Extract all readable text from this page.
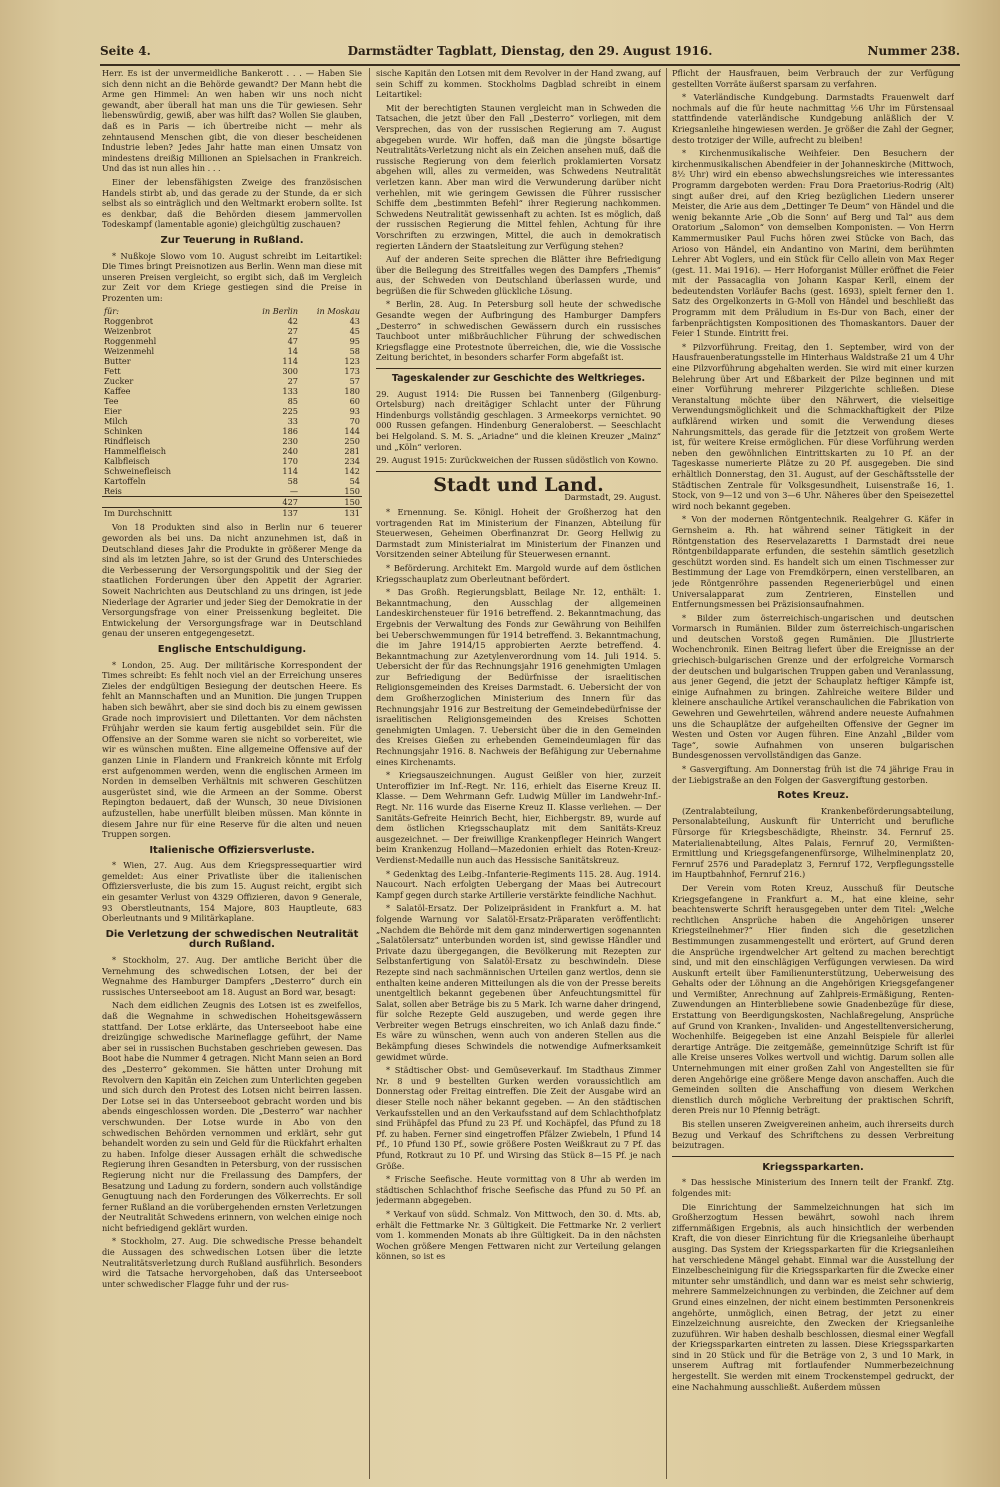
Seite 4.	Darmstädter Tagblatt, Dienstag, den 29. August 1916.	Nummer 238.

Herr. Es ist der unvermeidliche Bankerott . . . — Haben Sie sich denn nicht an die Behörde gewandt? Der Mann hebt die Arme gen Himmel: An wen haben wir uns noch nicht gewandt, aber überall hat man uns die Tür gewiesen. Sehr liebenswürdig, gewiß, aber was hilft das? Wollen Sie glauben, daß es in Paris — ich übertreibe nicht — mehr als zehntausend Menschen gibt, die von dieser bescheidenen Industrie leben? Jedes Jahr hatte man einen Umsatz von mindestens dreißig Millionen an Spielsachen in Frankreich. Und das ist nun alles hin . . .

Einer der lebensfähigsten Zweige des französischen Handels stirbt ab, und das gerade zu der Stunde, da er sich selbst als so einträglich und den Weltmarkt erobern sollte. Ist es denkbar, daß die Behörden diesem jammervollen Todeskampf (lamentable agonie) gleichgültig zuschauen?

Zur Teuerung in Rußland.

* Nußkoje Slowo vom 10. August schreibt im Leitartikel: Die Times bringt Preisnotizen aus Berlin. Wenn man diese mit unseren Preisen vergleicht, so ergibt sich, daß im Vergleich zur Zeit vor dem Kriege gestiegen sind die Preise in Prozenten um:

für:	in Berlin	in Moskau
Roggenbrot	42	43
Weizenbrot	27	45
Roggenmehl	47	95
Weizenmehl	14	58
Butter	114	123
Fett	300	173
Zucker	27	57
Kaffee	133	180
Tee	85	60
Eier	225	93
Milch	33	70
Schinken	186	144
Rindfleisch	230	250
Hammelfleisch	240	281
Kalbfleisch	170	234
Schweinefleisch	114	142
Kartoffeln	58	54
Reis	—	150
	427	150
Im Durchschnitt	137	131

Von 18 Produkten sind also in Berlin nur 6 teuerer geworden als bei uns. Da nicht anzunehmen ist, daß in Deutschland dieses Jahr die Produkte in größerer Menge da sind als im letzten Jahre, so ist der Grund des Unterschiedes die Verbesserung der Versorgungspolitik und der Sieg der staatlichen Forderungen über den Appetit der Agrarier. Soweit Nachrichten aus Deutschland zu uns dringen, ist jede Niederlage der Agrarier und jeder Sieg der Demokratie in der Versorgungsfrage von einer Preissenkung begleitet. Die Entwickelung der Versorgungsfrage war in Deutschland genau der unseren entgegengesetzt.

Englische Entschuldigung.

* London, 25. Aug. Der militärische Korrespondent der Times schreibt: Es fehlt noch viel an der Erreichung unseres Zieles der endgültigen Besiegung der deutschen Heere. Es fehlt an Mannschaften und an Munition. Die jungen Truppen haben sich bewährt, aber sie sind doch bis zu einem gewissen Grade noch improvisiert und Dilettanten. Vor dem nächsten Frühjahr werden sie kaum fertig ausgebildet sein. Für die Offensive an der Somme waren sie nicht so vorbereitet, wie wir es wünschen mußten. Eine allgemeine Offensive auf der ganzen Linie in Flandern und Frankreich könnte mit Erfolg erst aufgenommen werden, wenn die englischen Armeen im Norden in demselben Verhältnis mit schweren Geschützen ausgerüstet sind, wie die Armeen an der Somme. Oberst Repington bedauert, daß der Wunsch, 30 neue Divisionen aufzustellen, habe unerfüllt bleiben müssen. Man könnte in diesem Jahre nur für eine Reserve für die alten und neuen Truppen sorgen.

Italienische Offiziersverluste.

* Wien, 27. Aug. Aus dem Kriegspressequartier wird gemeldet: Aus einer Privatliste über die italienischen Offiziersverluste, die bis zum 15. August reicht, ergibt sich ein gesamter Verlust von 4329 Offizieren, davon 9 Generale, 93 Oberstleutnants, 154 Majore, 803 Hauptleute, 683 Oberleutnants und 9 Militärkaplane.

Die Verletzung der schwedischen Neutralität durch Rußland.

* Stockholm, 27. Aug. Der amtliche Bericht über die Vernehmung des schwedischen Lotsen, der bei der Wegnahme des Hamburger Dampfers „Desterro“ durch ein russisches Unterseeboot am 18. August an Bord war, besagt:

Nach dem eidlichen Zeugnis des Lotsen ist es zweifellos, daß die Wegnahme in schwedischen Hoheitsgewässern stattfand. Der Lotse erklärte, das Unterseeboot habe eine dreizüngige schwedische Marineflagge geführt, der Name aber sei in russischen Buchstaben geschrieben gewesen. Das Boot habe die Nummer 4 getragen. Nicht Mann seien an Bord des „Desterro“ gekommen. Sie hätten unter Drohung mit Revolvern den Kapitän ein Zeichen zum Unterlichten gegeben und sich durch den Protest des Lotsen nicht beirren lassen. Der Lotse sei in das Unterseeboot gebracht worden und bis abends eingeschlossen worden. Die „Desterro“ war nachher verschwunden. Der Lotse wurde in Abo von den schwedischen Behörden vernommen und erklärt, sehr gut behandelt worden zu sein und Geld für die Rückfahrt erhalten zu haben. Infolge dieser Aussagen erhält die schwedische Regierung ihren Gesandten in Petersburg, von der russischen Regierung nicht nur die Freilassung des Dampfers, der Besatzung und Ladung zu fordern, sondern auch vollständige Genugtuung nach den Forderungen des Völkerrechts. Er soll ferner Rußland an die vorübergehenden ernsten Verletzungen der Neutralität Schwedens erinnern, von welchen einige noch nicht befriedigend geklärt wurden.

* Stockholm, 27. Aug. Die schwedische Presse behandelt die Aussagen des schwedischen Lotsen über die letzte Neutralitätsverletzung durch Rußland ausführlich. Besonders wird die Tatsache hervorgehoben, daß das Unterseeboot unter schwedischer Flagge fuhr und der rus-

sische Kapitän den Lotsen mit dem Revolver in der Hand zwang, auf sein Schiff zu kommen. Stockholms Dagblad schreibt in einem Leitartikel:

Mit der berechtigten Staunen vergleicht man in Schweden die Tatsachen, die jetzt über den Fall „Desterro“ vorliegen, mit dem Versprechen, das von der russischen Regierung am 7. August abgegeben wurde. Wir hoffen, daß man die jüngste bösartige Neutralitäts-Verletzung nicht als ein Zeichen ansehen muß, daß die russische Regierung von dem feierlich proklamierten Vorsatz abgehen will, alles zu vermeiden, was Schwedens Neutralität verletzen kann. Aber man wird die Verwunderung darüber nicht verhehlen, mit wie geringem Gewissen die Führer russischer Schiffe dem „bestimmten Befehl“ ihrer Regierung nachkommen. Schwedens Neutralität gewissenhaft zu achten. Ist es möglich, daß der russischen Regierung die Mittel fehlen, Achtung für ihre Vorschriften zu erzwingen, Mittel, die auch in demokratisch regierten Ländern der Staatsleitung zur Verfügung stehen?

Auf der anderen Seite sprechen die Blätter ihre Befriedigung über die Beilegung des Streitfalles wegen des Dampfers „Themis“ aus, der Schweden von Deutschland überlassen wurde, und begrüßen die für Schweden glückliche Lösung.

* Berlin, 28. Aug. In Petersburg soll heute der schwedische Gesandte wegen der Aufbringung des Hamburger Dampfers „Desterro“ in schwedischen Gewässern durch ein russisches Tauchboot unter mißbräuchlicher Führung der schwedischen Kriegsflagge eine Protestnote überreichen, die, wie die Vossische Zeitung berichtet, in besonders scharfer Form abgefaßt ist.

Tageskalender zur Geschichte des Weltkrieges.

29. August 1914: Die Russen bei Tannenberg (Gilgenburg-Ortelsburg) nach dreitägiger Schlacht unter der Führung Hindenburgs vollständig geschlagen. 3 Armeekorps vernichtet. 90 000 Russen gefangen. Hindenburg Generaloberst. — Seeschlacht bei Helgoland. S. M. S. „Ariadne“ und die kleinen Kreuzer „Mainz“ und „Köln“ verloren.

29. August 1915: Zurückweichen der Russen südöstlich von Kowno.

Stadt und Land.
Darmstadt, 29. August.

* Ernennung. Se. Königl. Hoheit der Großherzog hat den vortragenden Rat im Ministerium der Finanzen, Abteilung für Steuerwesen, Geheimen Oberfinanzrat Dr. Georg Hellwig zu Darmstadt zum Ministerialrat im Ministerium der Finanzen und Vorsitzenden seiner Abteilung für Steuerwesen ernannt.

* Beförderung. Architekt Em. Margold wurde auf dem östlichen Kriegsschauplatz zum Oberleutnant befördert.

* Das Großh. Regierungsblatt, Beilage Nr. 12, enthält: 1. Bekanntmachung, den Ausschlag der allgemeinen Landeskirchensteuer für 1916 betreffend. 2. Bekanntmachung, das Ergebnis der Verwaltung des Fonds zur Gewährung von Beihilfen bei Ueberschwemmungen für 1914 betreffend. 3. Bekanntmachung, die im Jahre 1914/15 approbierten Aerzte betreffend. 4. Bekanntmachung zur Azetylenverordnung vom 14. Juli 1914. 5. Uebersicht der für das Rechnungsjahr 1916 genehmigten Umlagen zur Befriedigung der Bedürfnisse der israelitischen Religionsgemeinden des Kreises Darmstadt. 6. Uebersicht der von dem Großherzoglichen Ministerium des Innern für das Rechnungsjahr 1916 zur Bestreitung der Gemeindebedürfnisse der israelitischen Religionsgemeinden des Kreises Schotten genehmigten Umlagen. 7. Uebersicht über die in den Gemeinden des Kreises Gießen zu erhebenden Gemeindeumlagen für das Rechnungsjahr 1916. 8. Nachweis der Befähigung zur Uebernahme eines Kirchenamts.

* Kriegsauszeichnungen. August Geißler von hier, zurzeit Unteroffizier im Inf.-Regt. Nr. 116, erhielt das Eiserne Kreuz II. Klasse. — Dem Wehrmann Gefr. Ludwig Müller im Landwehr-Inf.-Regt. Nr. 116 wurde das Eiserne Kreuz II. Klasse verliehen. — Der Sanitäts-Gefreite Heinrich Becht, hier, Eichbergstr. 89, wurde auf dem östlichen Kriegsschauplatz mit dem Sanitäts-Kreuz ausgezeichnet. — Der freiwillige Krankenpfleger Heinrich Wangert beim Krankenzug Holland—Mazedonien erhielt das Roten-Kreuz-Verdienst-Medaille nun auch das Hessische Sanitätskreuz.

* Gedenktag des Leibg.-Infanterie-Regiments 115. 28. Aug. 1914. Naucourt. Nach erfolgten Uebergang der Maas bei Autrecourt Kampf gegen durch starke Artillerie verstärkte feindliche Nachhut.

* Salatöl-Ersatz. Der Polizeipräsident in Frankfurt a. M. hat folgende Warnung vor Salatöl-Ersatz-Präparaten veröffentlicht: „Nachdem die Behörde mit dem ganz minderwertigen sogenannten „Salatölersatz“ unterbunden worden ist, sind gewisse Händler und Private dazu übergegangen, die Bevölkerung mit Rezepten zur Selbstanfertigung von Salatöl-Ersatz zu beschwindeln. Diese Rezepte sind nach sachmännischen Urteilen ganz wertlos, denn sie enthalten keine anderen Mitteilungen als die von der Presse bereits unentgeltlich bekannt gegebenen über Anfeuchtungsmittel für Salat, sollen aber Beträge bis zu 5 Mark. Ich warne daher dringend, für solche Rezepte Geld auszugeben, und werde gegen ihre Verbreiter wegen Betrugs einschreiten, wo ich Anlaß dazu finde.“ Es wäre zu wünschen, wenn auch von anderen Stellen aus die Bekämpfung dieses Schwindels die notwendige Aufmerksamkeit gewidmet würde.

* Städtischer Obst- und Gemüseverkauf. Im Stadthaus Zimmer Nr. 8 und 9 bestellten Gurken werden voraussichtlich am Donnerstag oder Freitag eintreffen. Die Zeit der Ausgabe wird an dieser Stelle noch näher bekannt gegeben. — An den städtischen Verkaufsstellen und an den Verkaufsstand auf dem Schlachthofplatz sind Frühäpfel das Pfund zu 23 Pf. und Kochäpfel, das Pfund zu 18 Pf. zu haben. Ferner sind eingetroffen Pfälzer Zwiebeln, 1 Pfund 14 Pf., 10 Pfund 130 Pf., sowie größere Posten Weißkraut zu 7 Pf. das Pfund, Rotkraut zu 10 Pf. und Wirsing das Stück 8—15 Pf. je nach Größe.

* Frische Seefische. Heute vormittag von 8 Uhr ab werden im städtischen Schlachthof frische Seefische das Pfund zu 50 Pf. an jedermann abgegeben.

* Verkauf von südd. Schmalz. Von Mittwoch, den 30. d. Mts. ab, erhält die Fettmarke Nr. 3 Gültigkeit. Die Fettmarke Nr. 2 verliert vom 1. kommenden Monats ab ihre Gültigkeit. Da in den nächsten Wochen größere Mengen Fettwaren nicht zur Verteilung gelangen können, so ist es

Pflicht der Hausfrauen, beim Verbrauch der zur Verfügung gestellten Vorräte äußerst sparsam zu verfahren.

* Vaterländische Kundgebung. Darmstadts Frauenwelt darf nochmals auf die für heute nachmittag ½6 Uhr im Fürstensaal stattfindende vaterländische Kundgebung anläßlich der V. Kriegsanleihe hingewiesen werden. Je größer die Zahl der Gegner, desto trotziger der Wille, aufrecht zu bleiben!

* Kirchenmusikalische Weihfeier. Den Besuchern der kirchenmusikalischen Abendfeier in der Johanneskirche (Mittwoch, 8½ Uhr) wird ein ebenso abwechslungsreiches wie interessantes Programm dargeboten werden: Frau Dora Praetorius-Rodrig (Alt) singt außer drei, auf den Krieg bezüglichen Liedern unserer Meister, die Arie aus dem „Dettinger Te Deum“ von Händel und die wenig bekannte Arie „Ob die Sonn’ auf Berg und Tal“ aus dem Oratorium „Salomon“ von demselben Komponisten. — Von Herrn Kammermusiker Paul Fuchs hören zwei Stücke von Bach, das Arioso von Händel, ein Andantino von Marini, dem berühmten Lehrer Abt Voglers, und ein Stück für Cello allein von Max Reger (gest. 11. Mai 1916). — Herr Hoforganist Müller eröffnet die Feier mit der Passacaglia von Johann Kaspar Kerll, einem der bedeutendsten Vorläufer Bachs (gest. 1693), spielt ferner den 1. Satz des Orgelkonzerts in G-Moll von Händel und beschließt das Programm mit dem Präludium in Es-Dur von Bach, einer der farbenprächtigsten Kompositionen des Thomaskantors. Dauer der Feier 1 Stunde. Eintritt frei.

* Pilzvorführung. Freitag, den 1. September, wird von der Hausfrauenberatungsstelle im Hinterhaus Waldstraße 21 um 4 Uhr eine Pilzvorführung abgehalten werden. Sie wird mit einer kurzen Belehrung über Art und Eßbarkeit der Pilze beginnen und mit einer Vorführung mehrerer Pilzgerichte schließen. Diese Veranstaltung möchte über den Nährwert, die vielseitige Verwendungsmöglichkeit und die Schmackhaftigkeit der Pilze aufklärend wirken und somit die Verwendung dieses Nahrungsmittels, das gerade für die Jetztzeit von großem Werte ist, für weitere Kreise ermöglichen. Für diese Vorführung werden neben den gewöhnlichen Eintrittskarten zu 10 Pf. an der Tageskasse numerierte Plätze zu 20 Pf. ausgegeben. Die sind erhältlich Donnerstag, den 31. August, auf der Geschäftsstelle der Städtischen Zentrale für Volksgesundheit, Luisenstraße 16, 1. Stock, von 9—12 und von 3—6 Uhr. Näheres über den Speisezettel wird noch bekannt gegeben.

* Von der modernen Röntgentechnik. Realgehrer G. Käfer in Gernsheim a. Rh. hat während seiner Tätigkeit in der Röntgenstation des Reservelazaretts I Darmstadt drei neue Röntgenbildapparate erfunden, die sestehin sämtlich gesetzlich geschützt worden sind. Es handelt sich um einen Tischmesser zur Bestimmung der Lage von Fremdkörpern, einen verstellbaren, an jede Röntgenröhre passenden Regenerierbügel und einen Universalapparat zum Zentrieren, Einstellen und Entfernungsmessen bei Präzisionsaufnahmen.

* Bilder zum österreichisch-ungarischen und deutschen Vormarsch in Rumänien. Bilder zum österreichisch-ungarischen und deutschen Vorstoß gegen Rumänien. Die Jllustrierte Wochenchronik. Einen Beitrag liefert über die Ereignisse an der griechisch-bulgarischen Grenze und der erfolgreiche Vormarsch der deutschen und bulgarischen Truppen gaben und Veranlassung, aus jener Gegend, die jetzt der Schauplatz heftiger Kämpfe ist, einige Aufnahmen zu bringen. Zahlreiche weitere Bilder und kleinere anschauliche Artikel veranschaulichen die Fabrikation von Gewehren und Gewehrteilen, während andere neueste Aufnahmen uns die Schauplätze der aufgeheilten Offensive der Gegner im Westen und Osten vor Augen führen. Eine Anzahl „Bilder vom Tage“, sowie Aufnahmen von unseren bulgarischen Bundesgenossen vervollständigen das Ganze.

* Gasvergiftung. Am Donnerstag früh ist die 74 jährige Frau in der Liebigstraße an den Folgen der Gasvergiftung gestorben.

Rotes Kreuz.

(Zentralabteilung, Krankenbeförderungsabteilung, Personalabteilung, Auskunft für Unterricht und berufliche Fürsorge für Kriegsbeschädigte, Rheinstr. 34. Fernruf 25. Materialienabteilung, Altes Palais, Fernruf 20, Vermißten-Ermittlung und Kriegsgefangenenfürsorge, Wilhelminenplatz 20, Fernruf 2576 und Paradeplatz 3, Fernruf 172, Verpflegungsstelle im Hauptbahnhof, Fernruf 216.)

Der Verein vom Roten Kreuz, Ausschuß für Deutsche Kriegsgefangene in Frankfurt a. M., hat eine kleine, sehr beachtenswerte Schrift herausgegeben unter dem Titel: „Welche rechtlichen Ansprüche haben die Angehörigen unserer Kriegsteilnehmer?“ Hier finden sich die gesetzlichen Bestimmungen zusammengestellt und erörtert, auf Grund deren die Ansprüche irgendwelcher Art geltend zu machen berechtigt sind, und mit den einschlägigen Verfügungen verwiesen. Da wird Auskunft erteilt über Familienunterstützung, Ueberweisung des Gehalts oder der Löhnung an die Angehörigen Kriegsgefangener und Vermißter, Anrechnung auf Zahlpreis-Ermäßigung, Renten-Zuwendungen an Hinterbliebene sowie Gnadenbezüge für diese, Erstattung von Beerdigungskosten, Nachlaßregelung, Ansprüche auf Grund von Kranken-, Invaliden- und Angestelltenversicherung, Wochenhilfe. Beigegeben ist eine Anzahl Beispiele für allerlei derartige Anträge. Die zeitgemäße, gemeinnützige Schrift ist für alle Kreise unseres Volkes wertvoll und wichtig. Darum sollen alle Unternehmungen mit einer großen Zahl von Angestellten sie für deren Angehörige eine größere Menge davon anschaffen. Auch die Gemeinden sollten die Anschaffung von diesem Werkchen dienstlich durch mögliche Verbreitung der praktischen Schrift, deren Preis nur 10 Pfennig beträgt.

Bis stellen unseren Zweigvereinen anheim, auch ihrerseits durch Bezug und Verkauf des Schriftchens zu dessen Verbreitung beizutragen.

Kriegssparkarten.

* Das hessische Ministerium des Innern teilt der Frankf. Ztg. folgendes mit:

Die Einrichtung der Sammelzeichnungen hat sich im Großherzogtum Hessen bewährt, sowohl nach ihrem ziffernmäßigen Ergebnis, als auch hinsichtlich der werbenden Kraft, die von dieser Einrichtung für die Kriegsanleihe überhaupt ausging. Das System der Kriegssparkarten für die Kriegsanleihen hat verschiedene Mängel gehabt. Einmal war die Ausstellung der Einzelbescheinigung für die Kriegssparkarten für die Zwecke einer mitunter sehr umständlich, und dann war es meist sehr schwierig, mehrere Sammelzeichnungen zu verbinden, die Zeichner auf dem Grund eines einzelnen, der nicht einem bestimmten Personenkreis angehörte, unmöglich, einen Betrag, der jetzt zu einer Einzelzeichnung ausreichte, den Zwecken der Kriegsanleihe zuzuführen. Wir haben deshalb beschlossen, diesmal einer Wegfall der Kriegssparkarten eintreten zu lassen. Diese Kriegssparkarten sind in 20 Stück und für die Beträge von 2, 3 und 10 Mark, in unserem Auftrag mit fortlaufender Nummerbezeichnung hergestellt. Sie werden mit einem Trockenstempel gedruckt, der eine Nachahmung ausschließt. Außerdem müssen
